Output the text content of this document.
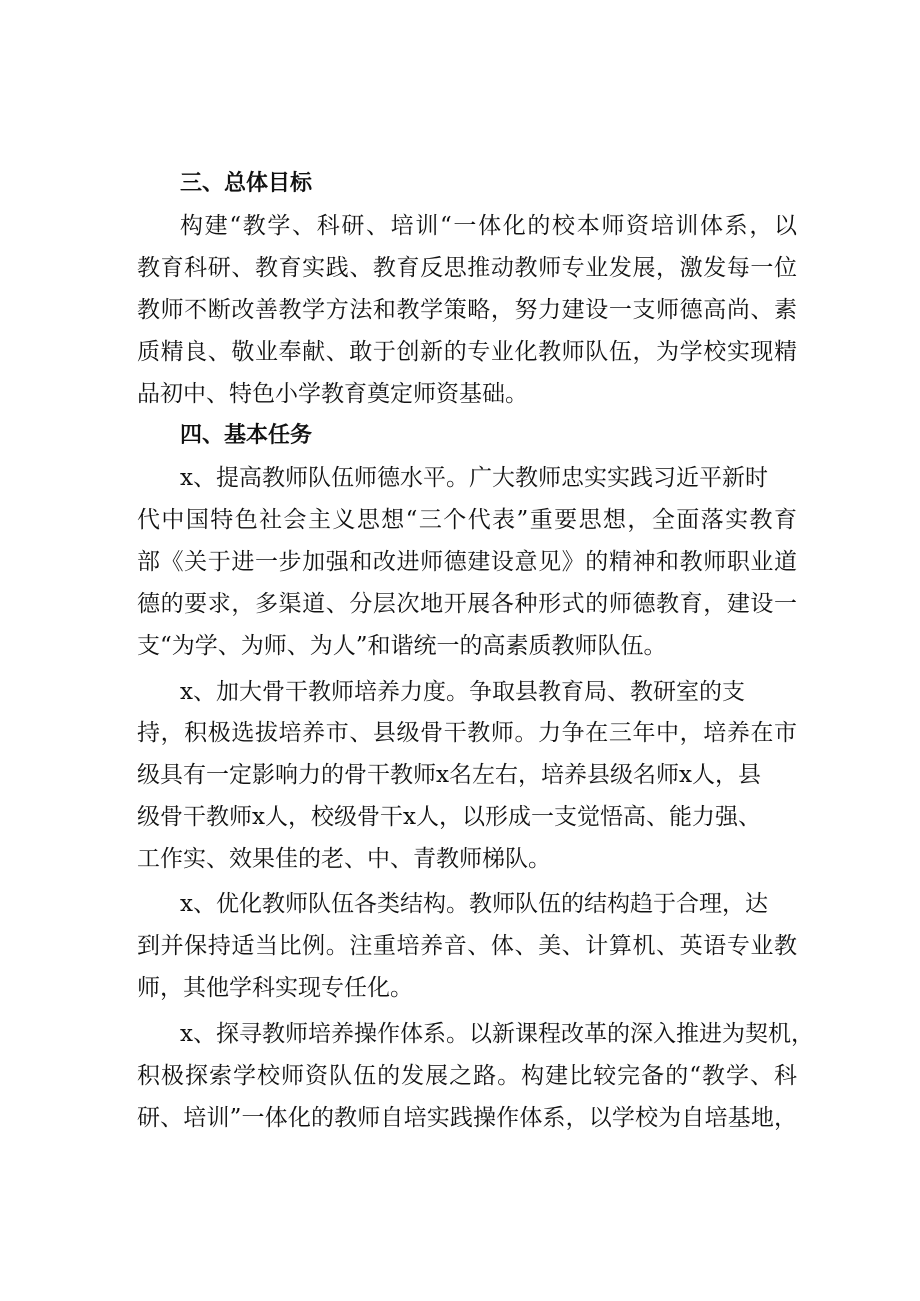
三、总体目标
构建“教学、科研、培训“一体化的校本师资培训体系，以
教育科研、教育实践、教育反思推动教师专业发展，激发每一位
教师不断改善教学方法和教学策略，努力建设一支师德高尚、素
质精良、敬业奉献、敢于创新的专业化教师队伍，为学校实现精
品初中、特色小学教育奠定师资基础。
四、基本任务
x、提高教师队伍师德水平。广大教师忠实实践习近平新时
代中国特色社会主义思想“三个代表”重要思想，全面落实教育
部《关于进一步加强和改进师德建设意见》的精神和教师职业道
德的要求，多渠道、分层次地开展各种形式的师德教育，建设一
支“为学、为师、为人”和谐统一的高素质教师队伍。
x、加大骨干教师培养力度。争取县教育局、教研室的支
持，积极选拔培养市、县级骨干教师。力争在三年中，培养在市
级具有一定影响力的骨干教师x名左右，培养县级名师x人，县
级骨干教师x人，校级骨干x人，以形成一支觉悟高、能力强、
工作实、效果佳的老、中、青教师梯队。
x、优化教师队伍各类结构。教师队伍的结构趋于合理，达
到并保持适当比例。注重培养音、体、美、计算机、英语专业教
师，其他学科实现专任化。
x、探寻教师培养操作体系。以新课程改革的深入推进为契机，
积极探索学校师资队伍的发展之路。构建比较完备的“教学、科
研、培训”一体化的教师自培实践操作体系，以学校为自培基地，
